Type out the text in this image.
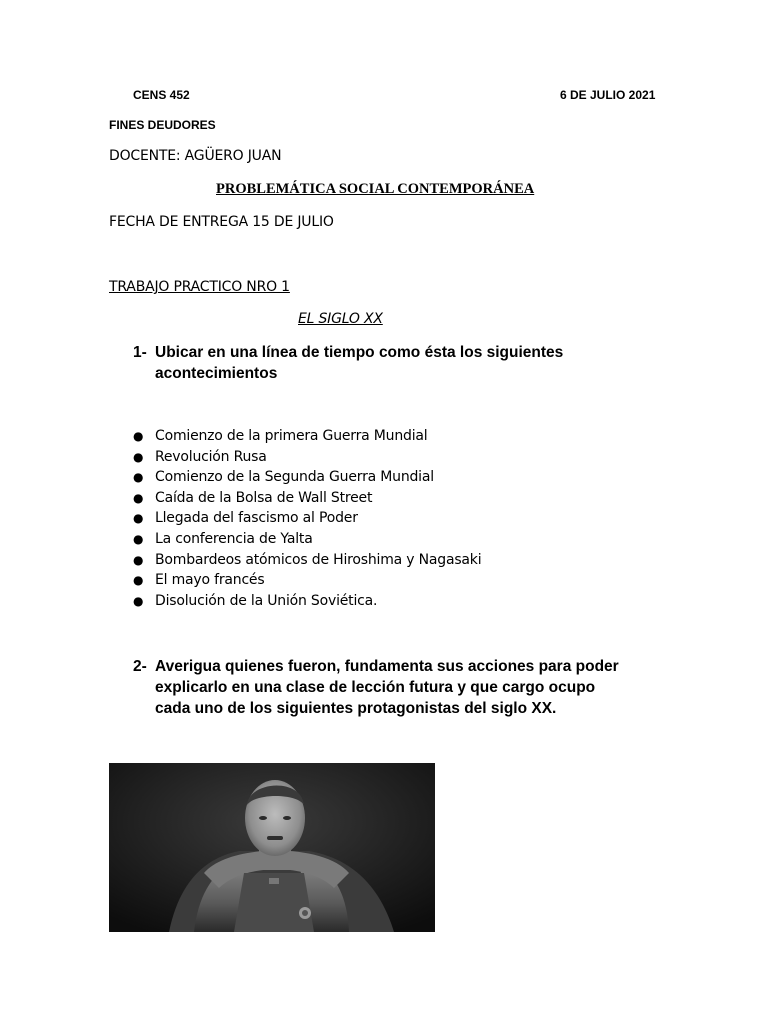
CENS 452	6 DE JULIO 2021
FINES DEUDORES
DOCENTE: AGÜERO JUAN
PROBLEMÁTICA SOCIAL CONTEMPORÁNEA
FECHA DE ENTREGA 15 DE JULIO
TRABAJO PRACTICO NRO 1
EL SIGLO XX
1- Ubicar en una línea de tiempo como ésta los siguientes
acontecimientos
● Comienzo de la primera Guerra Mundial
● Revolución Rusa
● Comienzo de la Segunda Guerra Mundial
● Caída de la Bolsa de Wall Street
● Llegada del fascismo al Poder
● La conferencia de Yalta
● Bombardeos atómicos de Hiroshima y Nagasaki
● El mayo francés
● Disolución de la Unión Soviética.
2- Averigua quienes fueron, fundamenta sus acciones para poder
explicarlo en una clase de lección futura y que cargo ocupo
cada uno de los siguientes protagonistas del siglo XX.
